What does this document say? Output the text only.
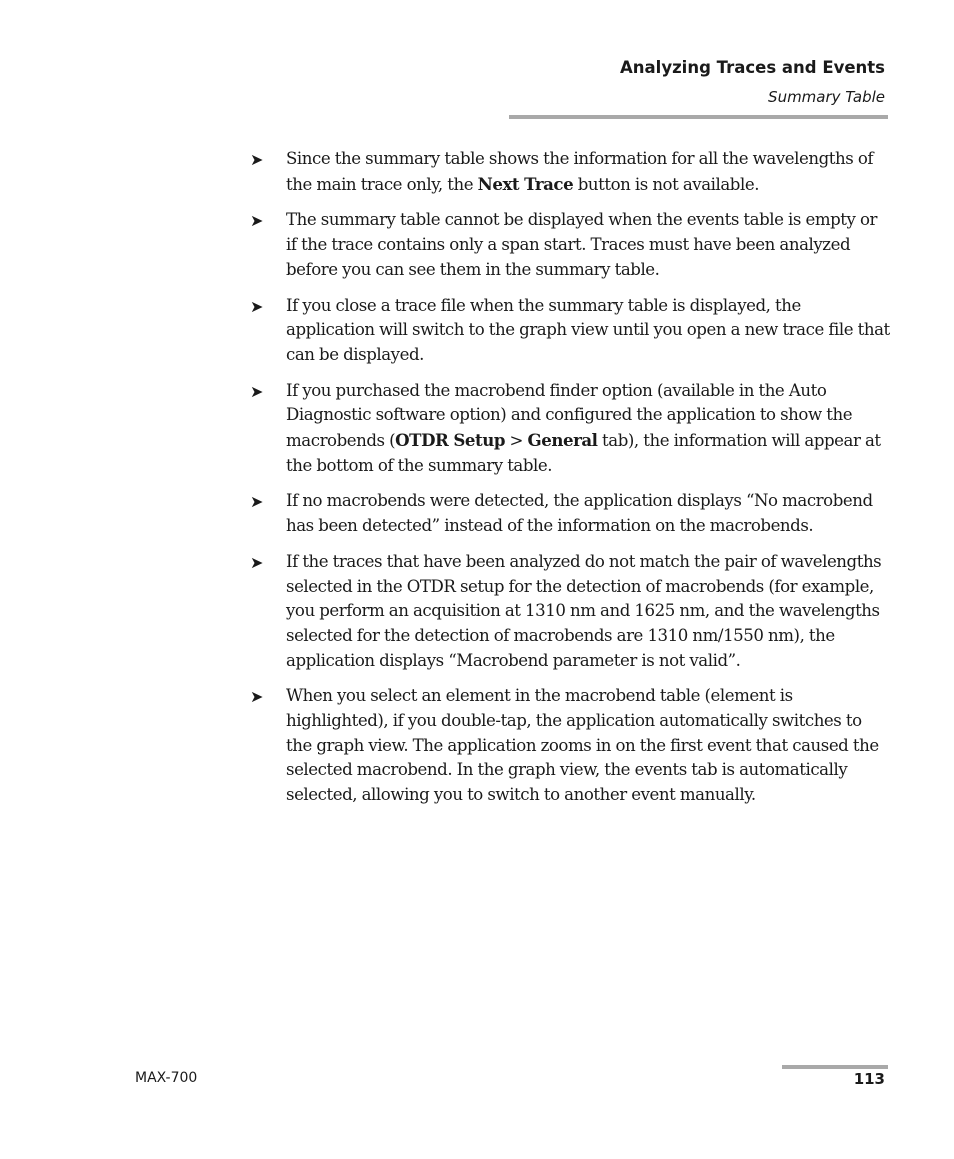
Analyzing Traces and Events
Summary Table
➤	Since the summary table shows the information for all the wavelengths of the main trace only, the Next Trace button is not available.
➤	The summary table cannot be displayed when the events table is empty or if the trace contains only a span start. Traces must have been analyzed before you can see them in the summary table.
➤	If you close a trace file when the summary table is displayed, the application will switch to the graph view until you open a new trace file that can be displayed.
➤	If you purchased the macrobend finder option (available in the Auto Diagnostic software option) and configured the application to show the macrobends (OTDR Setup > General tab), the information will appear at the bottom of the summary table.
➤	If no macrobends were detected, the application displays “No macrobend has been detected” instead of the information on the macrobends.
➤	If the traces that have been analyzed do not match the pair of wavelengths selected in the OTDR setup for the detection of macrobends (for example, you perform an acquisition at 1310 nm and 1625 nm, and the wavelengths selected for the detection of macrobends are 1310 nm/1550 nm), the application displays “Macrobend parameter is not valid”.
➤	When you select an element in the macrobend table (element is highlighted), if you double-tap, the application automatically switches to the graph view. The application zooms in on the first event that caused the selected macrobend. In the graph view, the events tab is automatically selected, allowing you to switch to another event manually.
MAX-700	113
